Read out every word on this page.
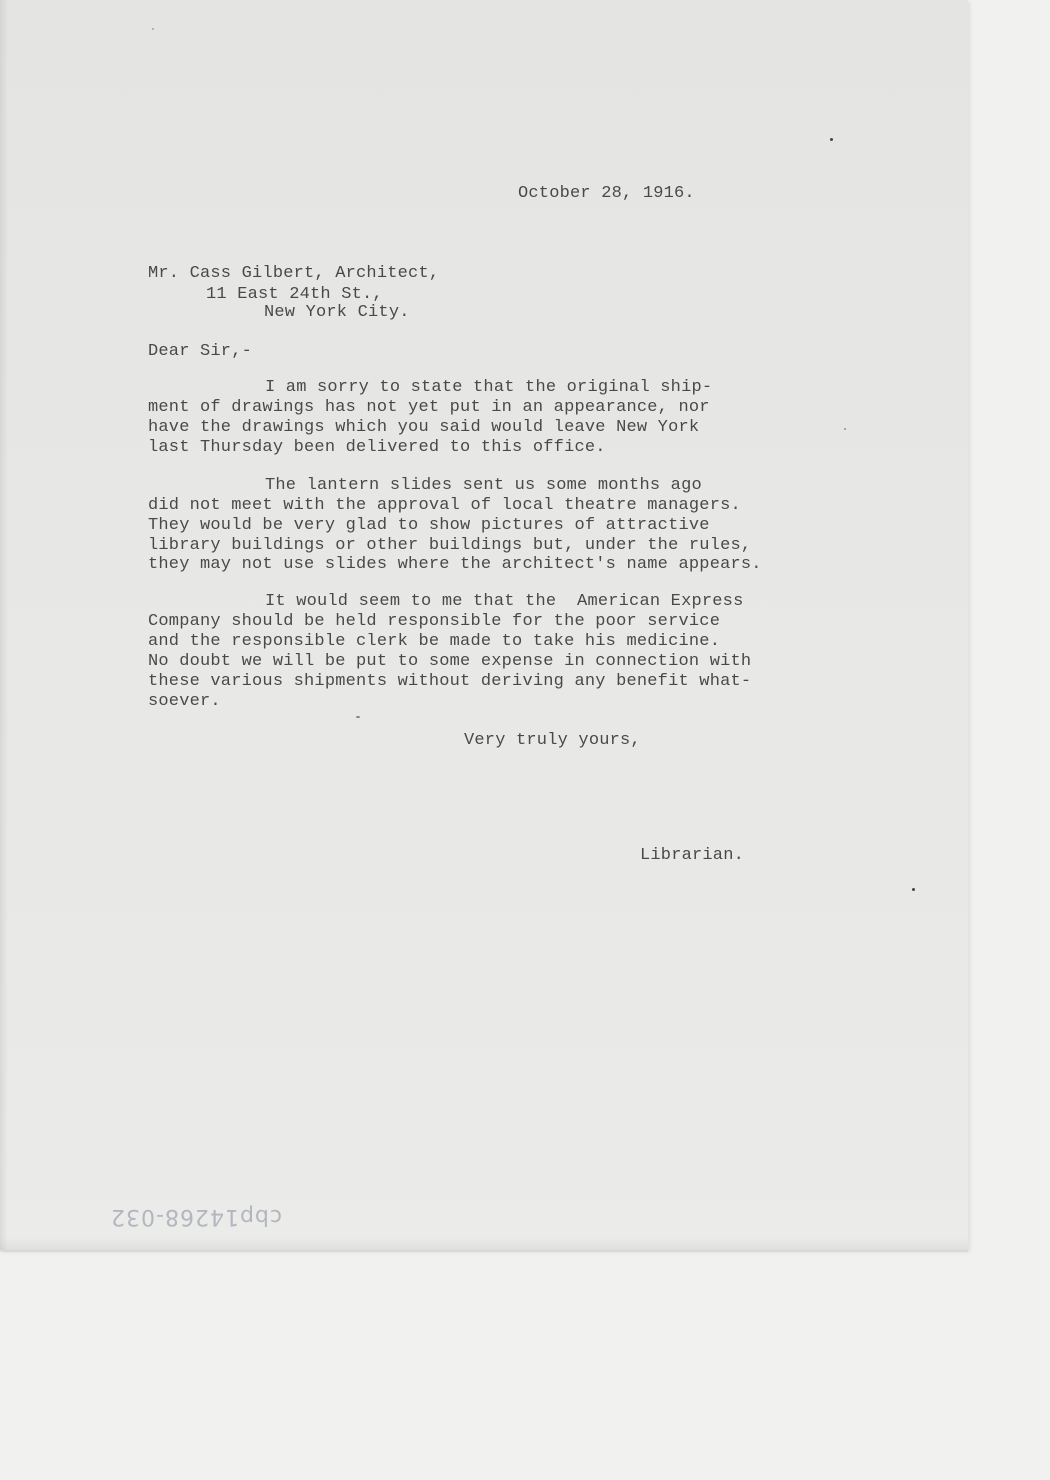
October 28, 1916.
Mr. Cass Gilbert, Architect,
11 East 24th St.,
New York City.
Dear Sir,-
I am sorry to state that the original ship-
ment of drawings has not yet put in an appearance, nor
have the drawings which you said would leave New York
last Thursday been delivered to this office.
The lantern slides sent us some months ago
did not meet with the approval of local theatre managers.
They would be very glad to show pictures of attractive
library buildings or other buildings but, under the rules,
they may not use slides where the architect's name appears.
It would seem to me that the  American Express
Company should be held responsible for the poor service
and the responsible clerk be made to take his medicine.
No doubt we will be put to some expense in connection with
these various shipments without deriving any benefit what-
soever.
Very truly yours,
Librarian.
cbp14268-032
